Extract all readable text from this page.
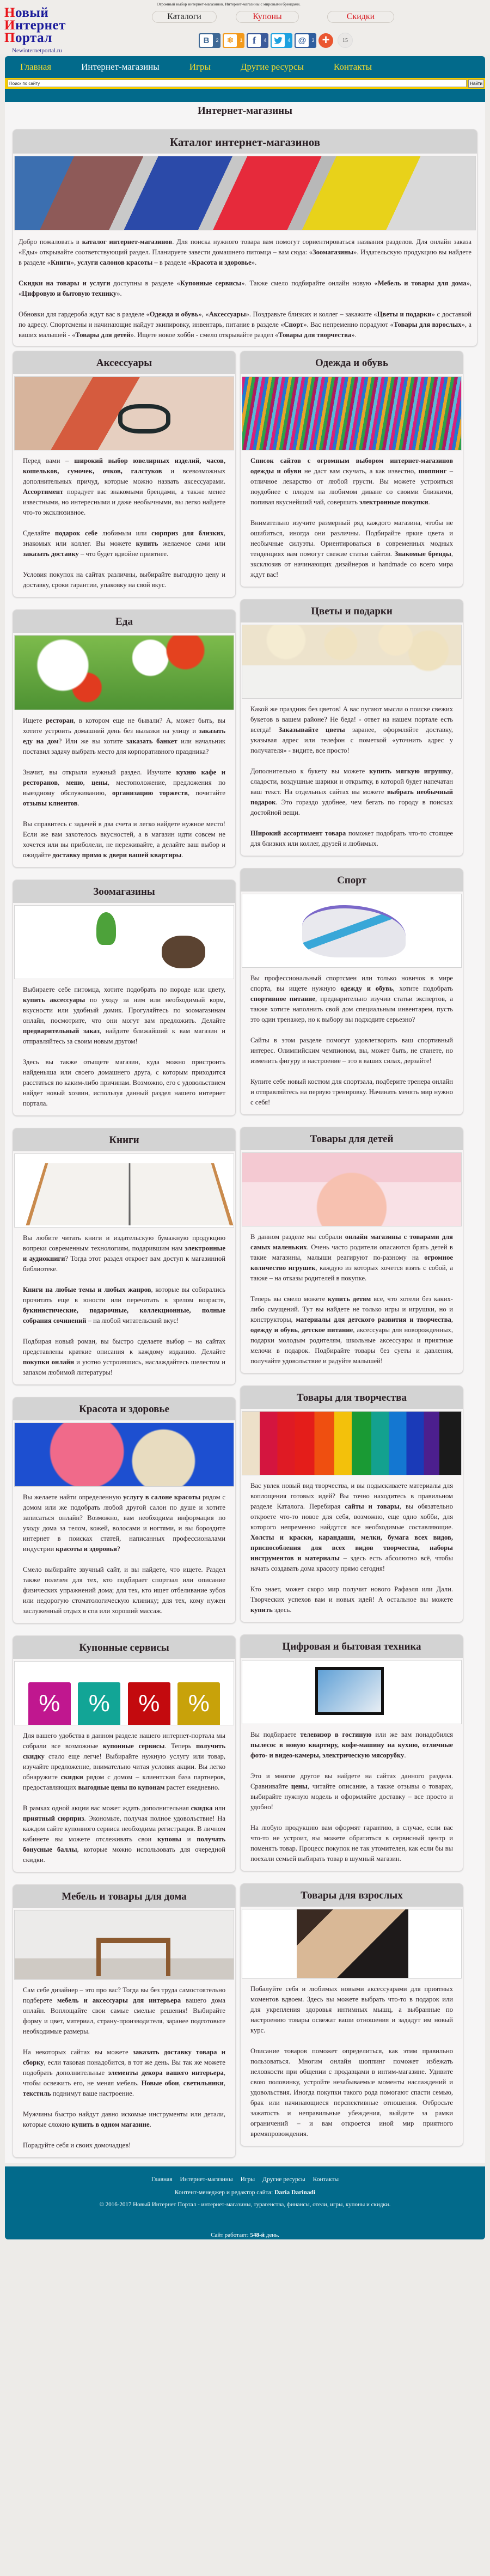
Новый
Интернет
Портал
Newinternetportal.ru
Огромный выбор интернет-магазинов. Интернет-магазины с мировыми брендами.
Каталоги	Купоны	Скидки
В	2 ⚛	1	f	4	4 @	3 +	15
Главная	Интернет-магазины	Игры	Другие ресурсы	Контакты
Поиск по сайту
Найти
Интернет-магазины
Каталог интернет-магазинов

Добро пожаловать в каталог интернет-магазинов. Для поиска нужного товара вам помогут сориентироваться названия разделов. Для онлайн заказа «Еды» открывайте соответствующий раздел. Планируете завести домашнего питомца – вам сюда: «Зоомагазины». Издательскую продукцию вы найдете в разделе «Книги», услуги салонов красоты – в разделе «Красота и здоровье».

Скидки на товары и услуги доступны в разделе «Купонные сервисы». Также смело подбирайте онлайн новую «Мебель и товары для дома», «Цифровую и бытовую технику».

Обновки для гардероба ждут вас в разделе «Одежда и обувь», «Аксессуары». Поздравьте близких и коллег – закажите «Цветы и подарки» с доставкой по адресу. Спортсмены и начинающие найдут экипировку, инвентарь, питание в разделе «Спорт». Вас непременно порадуют «Товары для взрослых», а ваших малышей - «Товары для детей». Ищете новое хобби - смело открывайте раздел «Товары для творчества».

Аксессуары

Перед вами – широкий выбор ювелирных изделий, часов, кошельков, сумочек, очков, галстуков и всевозможных дополнительных причуд, которые можно назвать аксессуарами. Ассортимент порадует вас знакомыми брендами, а также менее известными, но интересными и даже необычными, вы легко найдете что-то эксклюзивное.

Сделайте подарок себе любимым или сюрприз для близких, знакомых или коллег. Вы можете купить желаемое сами или заказать доставку – что будет вдвойне приятнее.

Условия покупок на сайтах различны, выбирайте выгодную цену и доставку, сроки гарантии, упаковку на свой вкус.

Еда

Ищете ресторан, в котором еще не бывали? А, может быть, вы хотите устроить домашний день без вылазки на улицу и заказать еду на дом? Или же вы хотите заказать банкет или начальник поставил задачу выбрать место для корпоративного праздника?

Значит, вы открыли нужный раздел. Изучите кухню кафе и ресторанов, меню, цены, местоположение, предложения по выездному обслуживанию, организацию торжеств, почитайте отзывы клиентов.

Вы справитесь с задачей в два счета и легко найдете нужное место! Если же вам захотелось вкусностей, а в магазин идти совсем не хочется или вы приболели, не переживайте, а делайте ваш выбор и ожидайте доставку прямо к двери вашей квартиры.

Зоомагазины

Выбираете себе питомца, хотите подобрать по породе или цвету, купить аксессуары по уходу за ним или необходимый корм, вкусности или удобный домик. Прогуляйтесь по зоомагазинам онлайн, посмотрите, что они могут вам предложить. Делайте предварительный заказ, найдите ближайший к вам магазин и отправляйтесь за своим новым другом!

Здесь вы также отыщете магазин, куда можно пристроить найденыша или своего домашнего друга, с которым приходится расстаться по каким-либо причинам. Возможно, его с удовольствием найдет новый хозяин, используя данный раздел нашего интернет портала.

Книги

Вы любите читать книги и издательскую бумажную продукцию вопреки современным технологиям, подарившим нам электронные и аудиокниги? Тогда этот раздел откроет вам доступ к магазинной библиотеке.

Книги на любые темы и любых жанров, которые вы собирались прочитать еще в юности или перечитать в зрелом возрасте, букинистические, подарочные, коллекционные, полные собрания сочинений – на любой читательский вкус!

Подбирая новый роман, вы быстро сделаете выбор – на сайтах представлены краткие описания к каждому изданию. Делайте покупки онлайн и уютно устроившись, наслаждайтесь шелестом и запахом любимой литературы!

Красота и здоровье

Вы желаете найти определенную услугу в салоне красоты рядом с домом или же подобрать любой другой салон по душе и хотите записаться онлайн? Возможно, вам необходима информация по уходу дома за телом, кожей, волосами и ногтями, и вы бороздите интернет в поисках статей, написанных профессионалами индустрии красоты и здоровья?

Смело выбирайте звучный сайт, и вы найдете, что ищете. Раздел также полезен для тех, кто подбирает спортзал или описание физических упражнений дома; для тех, кто ищет отбеливание зубов или недорогую стоматологическую клинику; для тех, кому нужен заслуженный отдых в спа или хороший массаж.

Купонные сервисы
%	%	%	%

Для вашего удобства в данном разделе нашего интернет-портала мы собрали все возможные купонные сервисы. Теперь получить скидку стало еще легче! Выбирайте нужную услугу или товар, изучайте предложение, внимательно читая условия акции. Вы легко обнаружите скидки рядом с домом – клиентская база партнеров, предоставляющих выгодные цены по купонам растет ежедневно.

В рамках одной акции вас может ждать дополнительная скидка или приятный сюрприз. Экономьте, получая полное удовольствие! На каждом сайте купонного сервиса необходима регистрация. В личном кабинете вы можете отслеживать свои купоны и получать бонусные баллы, которые можно использовать для очередной скидки.

Мебель и товары для дома

Сам себе дизайнер – это про вас? Тогда вы без труда самостоятельно подберете мебель и аксессуары для интерьера вашего дома онлайн. Воплощайте свои самые смелые решения! Выбирайте форму и цвет, материал, страну-производителя, заранее подготовьте необходимые размеры.

На некоторых сайтах вы можете заказать доставку товара и сборку, если таковая понадобится, в тот же день. Вы так же можете подобрать дополнительные элементы декора вашего интерьера, чтобы освежить его, не меняя мебель. Новые обои, светильники, текстиль поднимут ваше настроение.

Мужчины быстро найдут давно искомые инструменты или детали, которые сложно купить в одном магазине.

Порадуйте себя и своих домочадцев!

Одежда и обувь

Список сайтов с огромным выбором интернет-магазинов одежды и обуви не даст вам скучать, а как известно, шоппинг – отличное лекарство от любой грусти. Вы можете устроиться поудобнее с пледом на любимом диване со своими близкими, попивая вкуснейший чай, совершать электронные покупки.

Внимательно изучите размерный ряд каждого магазина, чтобы не ошибиться, иногда они различны. Подбирайте яркие цвета и необычные силуэты. Ориентироваться в современных модных тенденциях вам помогут свежие статьи сайтов. Знакомые бренды, эксклюзив от начинающих дизайнеров и handmade со всего мира ждут вас!

Цветы и подарки

Какой же праздник без цветов! А вас пугают мысли о поиске свежих букетов в вашем районе? Не беда! - ответ на нашем портале есть всегда! Заказывайте цветы заранее, оформляйте доставку, указывая адрес или телефон с пометкой «уточнить адрес у получателя» - видите, все просто!

Дополнительно к букету вы можете купить мягкую игрушку, сладости, воздушные шарики и открытку, в которой будет напечатан ваш текст. На отдельных сайтах вы можете выбрать необычный подарок. Это гораздо удобнее, чем бегать по городу в поисках достойной вещи.

Широкий ассортимент товара поможет подобрать что-то стоящее для близких или коллег, друзей и любимых.

Спорт

Вы профессиональный спортсмен или только новичок в мире спорта, вы ищете нужную одежду и обувь, хотите подобрать спортивное питание, предварительно изучив статьи экспертов, а также хотите наполнить свой дом специальным инвентарем, пусть это один тренажер, но к выбору вы подходите серьезно?

Сайты в этом разделе помогут удовлетворить ваш спортивный интерес. Олимпийским чемпионом, вы, может быть, не станете, но изменить фигуру и настроение – это в ваших силах, дерзайте!

Купите себе новый костюм для спортзала, подберите тренера онлайн и отправляйтесь на первую тренировку. Начинать менять мир нужно с себя!

Товары для детей

В данном разделе мы собрали онлайн магазины с товарами для самых маленьких. Очень часто родители опасаются брать детей в такие магазины, малыши реагируют по-разному на огромное количество игрушек, каждую из которых хочется взять с собой, а также – на отказы родителей в покупке.

Теперь вы смело можете купить детям все, что хотели без каких-либо смущений. Тут вы найдете не только игры и игрушки, но и конструкторы, материалы для детского развития и творчества, одежду и обувь, детское питание, аксессуары для новорожденных, подарки молодым родителям, школьные аксессуары и приятные мелочи в подарок. Подбирайте товары без суеты и давления, получайте удовольствие и радуйте малышей!

Товары для творчества

Вас увлек новый вид творчества, и вы подыскиваете материалы для воплощения готовых идей? Вы точно находитесь в правильном разделе Каталога. Перебирая сайты и товары, вы обязательно откроете что-то новое для себя, возможно, еще одно хобби, для которого непременно найдутся все необходимые составляющие. Холсты и краски, карандаши, мелки, бумага всех видов, приспособления для всех видов творчества, наборы инструментов и материалы – здесь есть абсолютно всё, чтобы начать создавать дома красоту прямо сегодня!

Кто знает, может скоро мир получит нового Рафаэля или Дали. Творческих успехов вам и новых идей! А остальное вы можете купить здесь.

Цифровая и бытовая техника

Вы подбираете телевизор в гостиную или же вам понадобился пылесос в новую квартиру, кофе-машину на кухню, отличные фото- и видео-камеры, электрическую мясорубку.

Это и многое другое вы найдете на сайтах данного раздела. Сравнивайте цены, читайте описание, а также отзывы о товарах, выбирайте нужную модель и оформляйте доставку – все просто и удобно!

На любую продукцию вам оформят гарантию, в случае, если вас что-то не устроит, вы можете обратиться в сервисный центр и поменять товар. Процесс покупок не так утомителен, как если бы вы поехали семьей выбирать товар в шумный магазин.

Товары для взрослых

Побалуйте себя и любимых новыми аксессуарами для приятных моментов вдвоем. Здесь вы можете выбрать что-то в подарок или для укрепления здоровья интимных мышц, а выбранные по настроению товары освежат ваши отношения и зададут им новый курс.

Описание товаров поможет определиться, как этим правильно пользоваться. Многим онлайн шоппинг поможет избежать неловкости при общении с продавцами в интим-магазине. Удивите свою половинку, устройте незабываемые моменты наслаждений и удовольствия. Иногда покупки такого рода помогают спасти семью, брак или начинающиеся перспективные отношения. Отбросьте зажатость и неправильные убеждения, выйдите за рамки ограничений – и вам откроется иной мир приятного времяпровождения.

Главная Интернет-магазины Игры Другие ресурсы Контакты
Контент-менеджер и редактор сайта: Daria Darinadi
© 2016-2017 Новый Интернет Портал - интернет-магазины, турагенства, финансы, отели, игры, купоны и скидки.
Сайт работает: 548-й день.
